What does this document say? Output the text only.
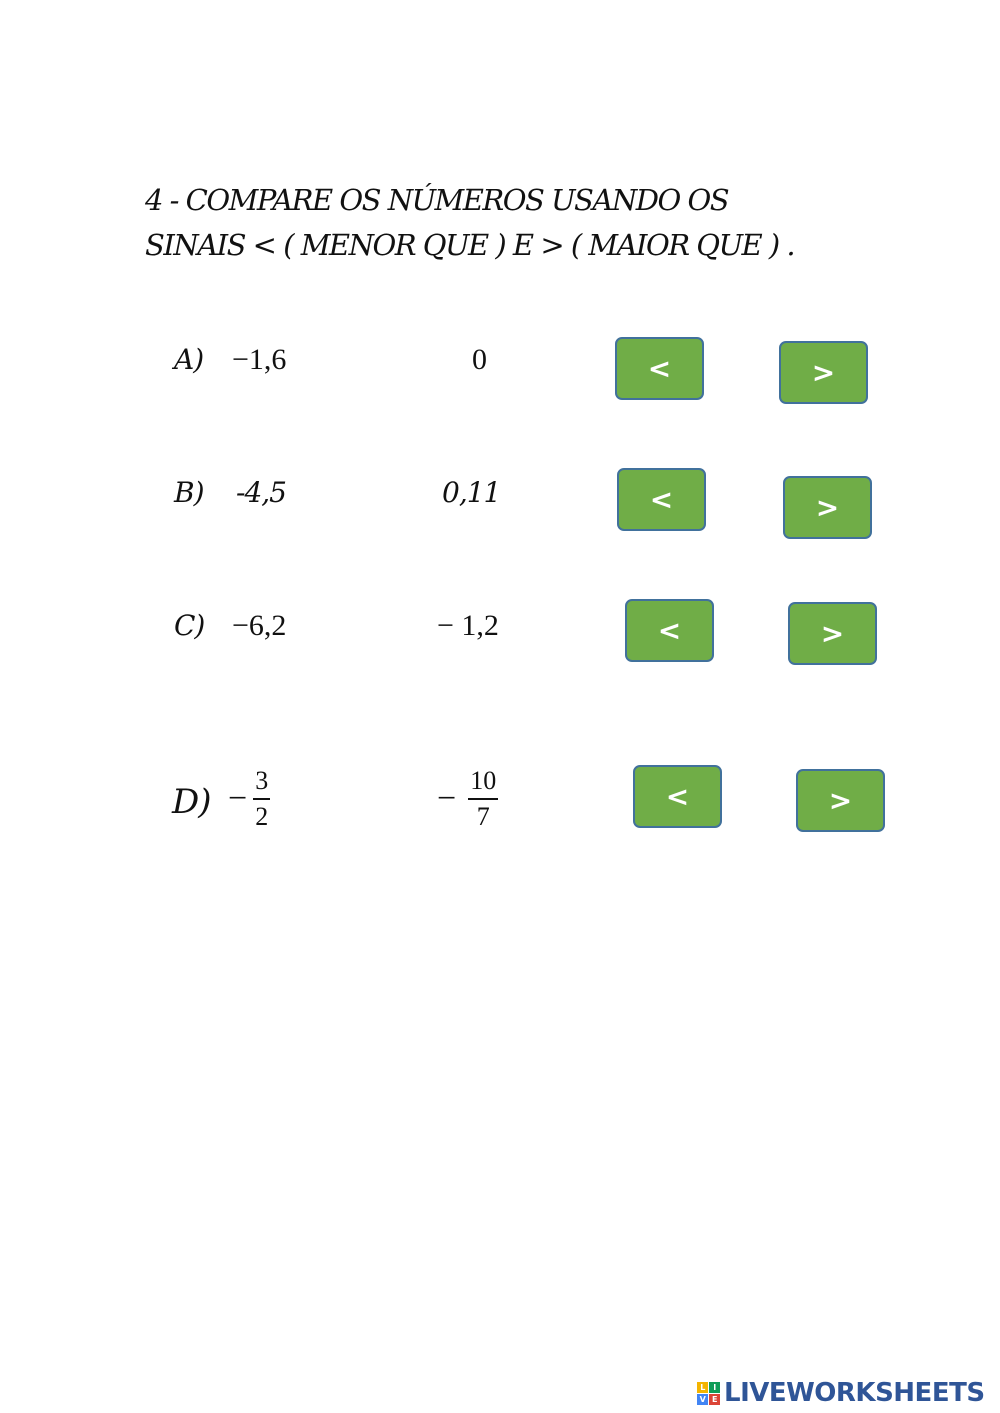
4 - COMPARE OS NÚMEROS USANDO OS
SINAIS < ( MENOR QUE ) E > ( MAIOR QUE ) .
A) −1,6	0	<	>
B) -4,5	0,11	<	>
C) −6,2	− 1,2	<	>
$D) - \frac{3}{2}$	− $\frac{10}{7}$	<	>
L	I
V E LIVEWORKSHEETS
